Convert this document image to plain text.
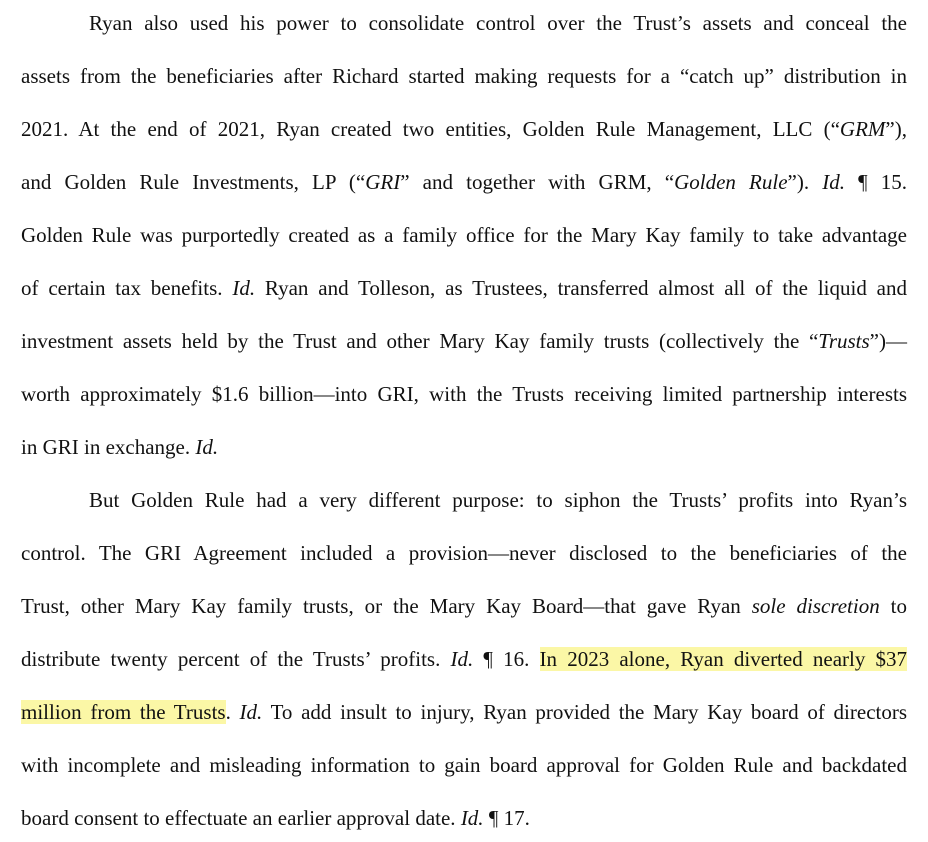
Ryan also used his power to consolidate control over the Trust’s assets and conceal the
assets from the beneficiaries after Richard started making requests for a “catch up” distribution in
2021. At the end of 2021, Ryan created two entities, Golden Rule Management, LLC (“GRM”),
and Golden Rule Investments, LP (“GRI” and together with GRM, “Golden Rule”). Id. ¶ 15.
Golden Rule was purportedly created as a family office for the Mary Kay family to take advantage
of certain tax benefits. Id. Ryan and Tolleson, as Trustees, transferred almost all of the liquid and
investment assets held by the Trust and other Mary Kay family trusts (collectively the “Trusts”)—
worth approximately $1.6 billion—into GRI, with the Trusts receiving limited partnership interests
in GRI in exchange. Id.
But Golden Rule had a very different purpose: to siphon the Trusts’ profits into Ryan’s
control. The GRI Agreement included a provision—never disclosed to the beneficiaries of the
Trust, other Mary Kay family trusts, or the Mary Kay Board—that gave Ryan sole discretion to
distribute twenty percent of the Trusts’ profits. Id. ¶ 16. In 2023 alone, Ryan diverted nearly $37
million from the Trusts. Id. To add insult to injury, Ryan provided the Mary Kay board of directors
with incomplete and misleading information to gain board approval for Golden Rule and backdated
board consent to effectuate an earlier approval date. Id. ¶ 17.
